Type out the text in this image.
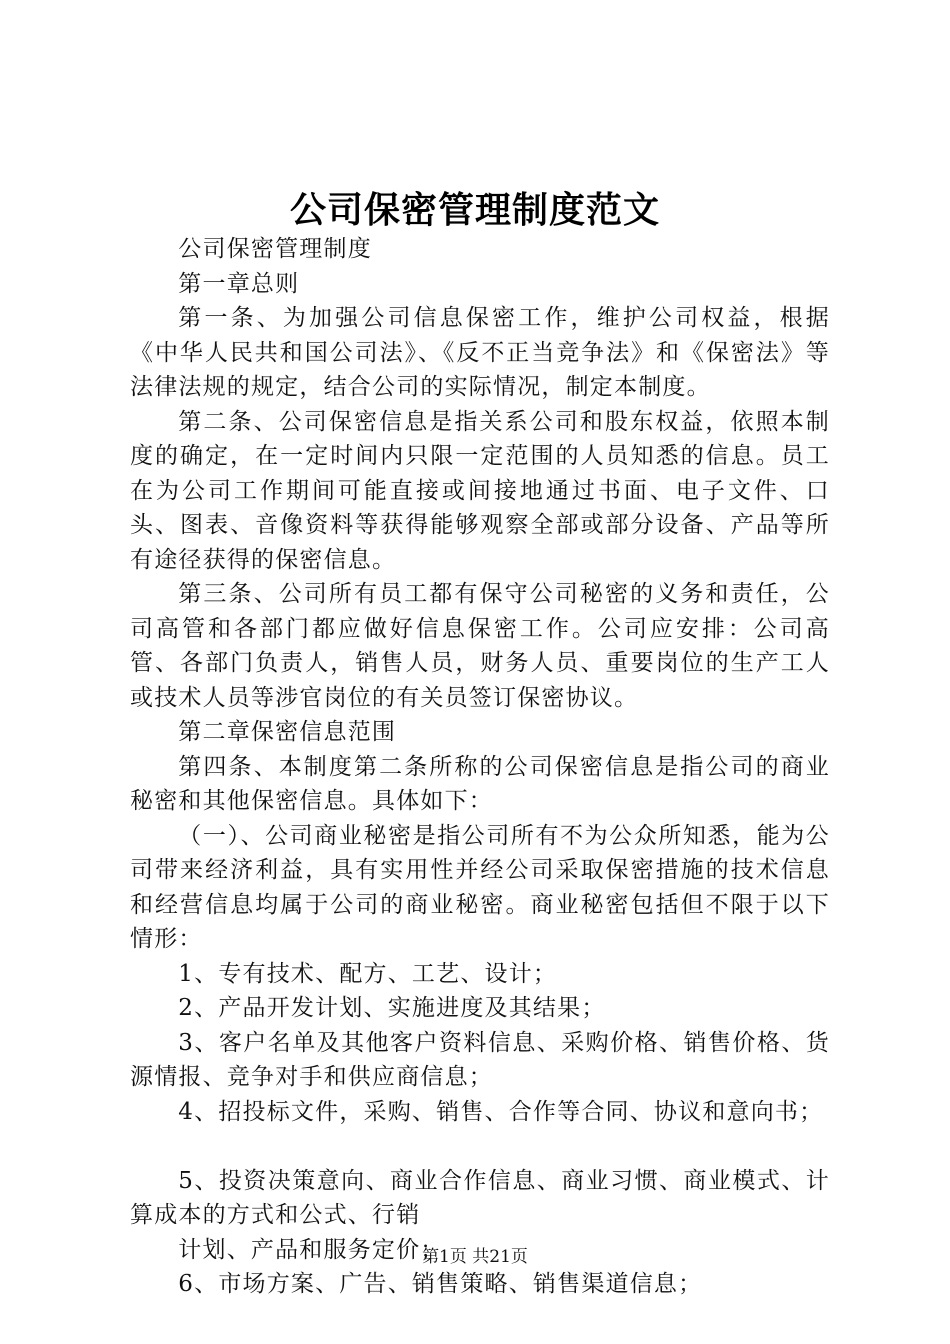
公司保密管理制度范文

公司保密管理制度

第一章总则

第一条、为加强公司信息保密工作，维护公司权益，根据《中华人民共和国公司法》、《反不正当竞争法》和《保密法》等法律法规的规定，结合公司的实际情况，制定本制度。

第二条、公司保密信息是指关系公司和股东权益，依照本制度的确定，在一定时间内只限一定范围的人员知悉的信息。员工在为公司工作期间可能直接或间接地通过书面、电子文件、口头、图表、音像资料等获得能够观察全部或部分设备、产品等所有途径获得的保密信息。

第三条、公司所有员工都有保守公司秘密的义务和责任，公司高管和各部门都应做好信息保密工作。公司应安排：公司高管、各部门负责人，销售人员，财务人员、重要岗位的生产工人或技术人员等涉官岗位的有关员签订保密协议。

第二章保密信息范围

第四条、本制度第二条所称的公司保密信息是指公司的商业秘密和其他保密信息。具体如下：

（一）、公司商业秘密是指公司所有不为公众所知悉，能为公司带来经济利益，具有实用性并经公司采取保密措施的技术信息和经营信息均属于公司的商业秘密。商业秘密包括但不限于以下情形：

1、专有技术、配方、工艺、设计；

2、产品开发计划、实施进度及其结果；

3、客户名单及其他客户资料信息、采购价格、销售价格、货源情报、竞争对手和供应商信息；

4、招投标文件，采购、销售、合作等合同、协议和意向书；

5、投资决策意向、商业合作信息、商业习惯、商业模式、计算成本的方式和公式、行销

计划、产品和服务定价；

6、市场方案、广告、销售策略、销售渠道信息；

第1页 共21页
